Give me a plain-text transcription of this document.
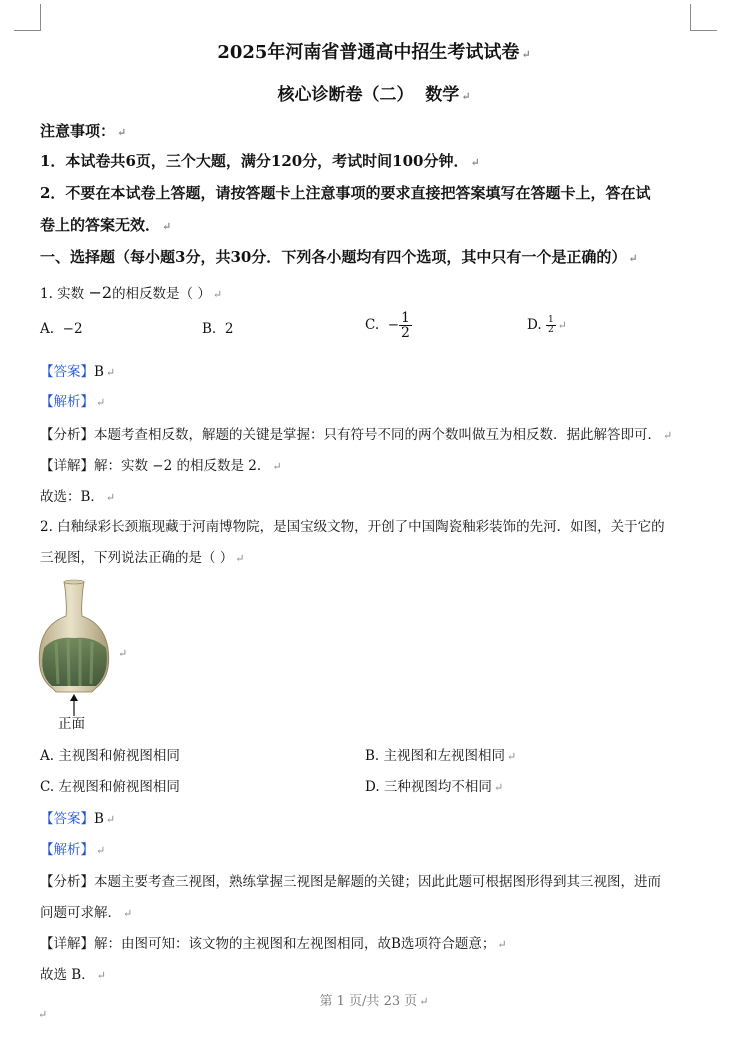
2025年河南省普通高中招生考试试卷 ↵
核心诊断卷（二）  数学 ↵
注意事项： ↵
1．本试卷共6页，三个大题，满分120分，考试时间100分钟． ↵
2．不要在本试卷上答题，请按答题卡上注意事项的要求直接把答案填写在答题卡上，答在试
卷上的答案无效． ↵
一、选择题（每小题3分，共30分．下列各小题均有四个选项，其中只有一个是正确的） ↵
1. 实数 −2的相反数是（ ） ↵
A. −2	B. 2	C. − $\frac{1}{2}$	D. $\frac{1}{2}$ ↵
【答案】B ↵
【解析】 ↵
【分析】本题考查相反数，解题的关键是掌握：只有符号不同的两个数叫做互为相反数．据此解答即可． ↵
【详解】解：实数 −2 的相反数是 2． ↵
故选：B． ↵
2. 白釉绿彩长颈瓶现藏于河南博物院，是国宝级文物，开创了中国陶瓷釉彩装饰的先河．如图，关于它的
三视图，下列说法正确的是（ ） ↵
↵
正面
A. 主视图和俯视图相同	B. 主视图和左视图相同 ↵
C. 左视图和俯视图相同	D. 三种视图均不相同 ↵
【答案】B ↵
【解析】 ↵
【分析】本题主要考查三视图，熟练掌握三视图是解题的关键；因此此题可根据图形得到其三视图，进而
问题可求解． ↵
【详解】解：由图可知：该文物的主视图和左视图相同，故B选项符合题意； ↵
故选 B． ↵
第 1 页/共 23 页 ↵
↵
